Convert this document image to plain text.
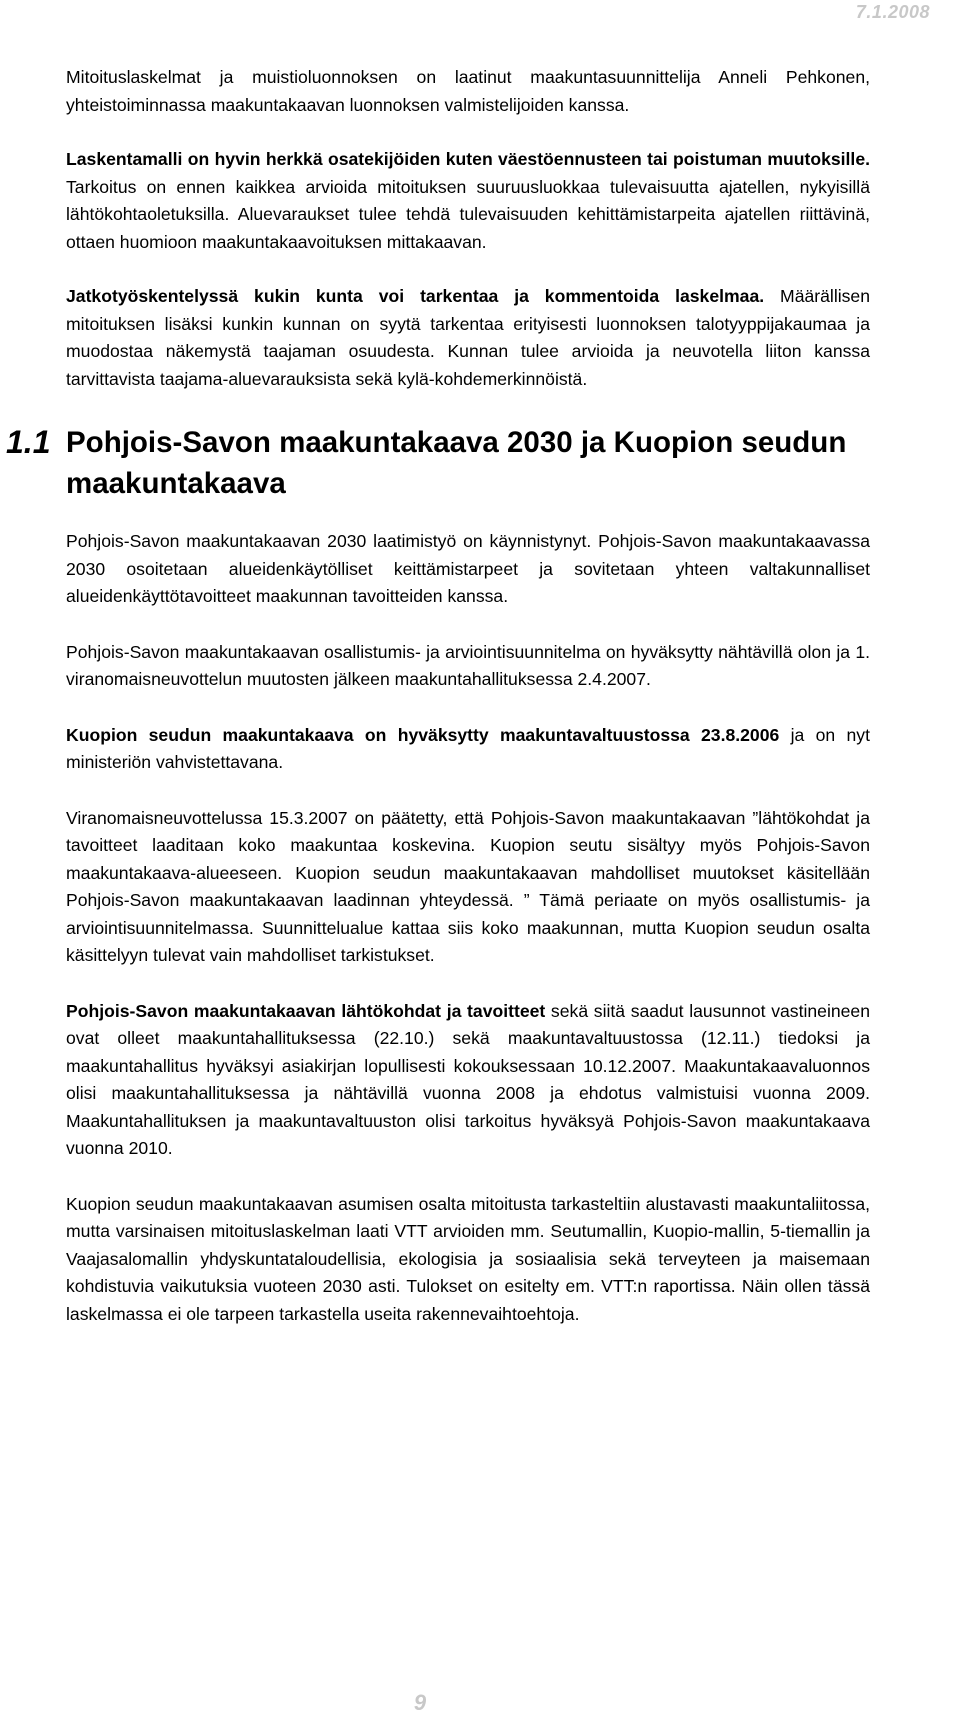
7.1.2008

Mitoituslaskelmat ja muistioluonnoksen on laatinut maakuntasuunnittelija Anneli Pehkonen, yhteistoiminnassa maakuntakaavan luonnoksen valmistelijoiden kanssa.

Laskentamalli on hyvin herkkä osatekijöiden kuten väestöennusteen tai poistuman muutoksille. Tarkoitus on ennen kaikkea arvioida mitoituksen suuruusluokkaa tulevaisuutta ajatellen, nykyisillä lähtökohtaoletuksilla. Aluevaraukset tulee tehdä tulevaisuuden kehittämistarpeita ajatellen riittävinä, ottaen huomioon maakuntakaavoituksen mittakaavan.

Jatkotyöskentelyssä kukin kunta voi tarkentaa ja kommentoida laskelmaa. Määrällisen mitoituksen lisäksi kunkin kunnan on syytä tarkentaa erityisesti luonnoksen talotyyppijakaumaa ja muodostaa näkemystä taajaman osuudesta. Kunnan tulee arvioida ja neuvotella liiton kanssa tarvittavista taajama-aluevarauksista sekä kylä-kohdemerkinnöistä.

1.1 Pohjois-Savon maakuntakaava 2030 ja Kuopion seudun maakuntakaava

Pohjois-Savon maakuntakaavan 2030 laatimistyö on käynnistynyt. Pohjois-Savon maakuntakaavassa 2030 osoitetaan alueidenkäytölliset keittämistarpeet ja sovitetaan yhteen valtakunnalliset alueidenkäyttötavoitteet maakunnan tavoitteiden kanssa.

Pohjois-Savon maakuntakaavan osallistumis- ja arviointisuunnitelma on hyväksytty nähtävillä olon ja 1. viranomaisneuvottelun muutosten jälkeen maakuntahallituksessa 2.4.2007.

Kuopion seudun maakuntakaava on hyväksytty maakuntavaltuustossa 23.8.2006 ja on nyt ministeriön vahvistettavana.

Viranomaisneuvottelussa 15.3.2007 on päätetty, että Pohjois-Savon maakuntakaavan ”lähtökohdat ja tavoitteet laaditaan koko maakuntaa koskevina. Kuopion seutu sisältyy myös Pohjois-Savon maakuntakaava-alueeseen. Kuopion seudun maakuntakaavan mahdolliset muutokset käsitellään Pohjois-Savon maakuntakaavan laadinnan yhteydessä. ” Tämä periaate on myös osallistumis- ja arviointisuunnitelmassa. Suunnittelualue kattaa siis koko maakunnan, mutta Kuopion seudun osalta käsittelyyn tulevat vain mahdolliset tarkistukset.

Pohjois-Savon maakuntakaavan lähtökohdat ja tavoitteet sekä siitä saadut lausunnot vastineineen ovat olleet maakuntahallituksessa (22.10.) sekä maakuntavaltuustossa (12.11.) tiedoksi ja maakuntahallitus hyväksyi asiakirjan lopullisesti kokouksessaan 10.12.2007. Maakuntakaavaluonnos olisi maakuntahallituksessa ja nähtävillä vuonna 2008 ja ehdotus valmistuisi vuonna 2009. Maakuntahallituksen ja maakuntavaltuuston olisi tarkoitus hyväksyä Pohjois-Savon maakuntakaava vuonna 2010.

Kuopion seudun maakuntakaavan asumisen osalta mitoitusta tarkasteltiin alustavasti maakuntaliitossa, mutta varsinaisen mitoituslaskelman laati VTT arvioiden mm. Seutumallin, Kuopio-mallin, 5-tiemallin ja Vaajasalomallin yhdyskuntataloudellisia, ekologisia ja sosiaalisia sekä terveyteen ja maisemaan kohdistuvia vaikutuksia vuoteen 2030 asti. Tulokset on esitelty em. VTT:n raportissa. Näin ollen tässä laskelmassa ei ole tarpeen tarkastella useita rakennevaihtoehtoja.

9
